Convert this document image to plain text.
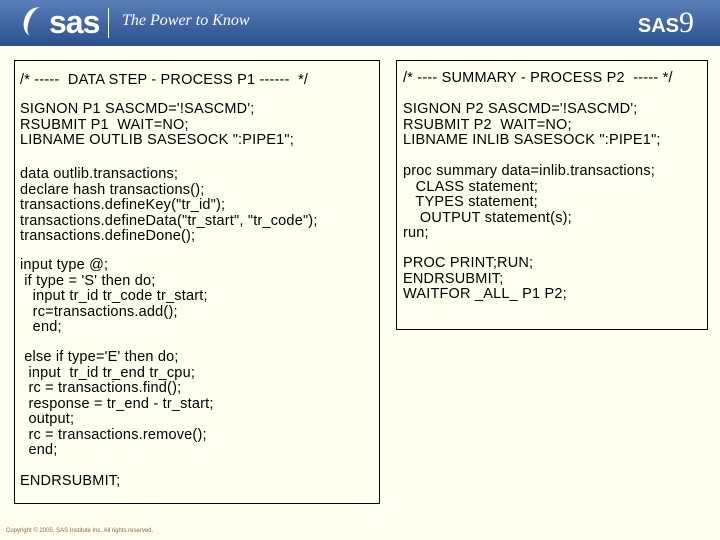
sas The Power to Know	SAS9
/* -----  DATA STEP - PROCESS P1 ------  */
SIGNON P1 SASCMD='!SASCMD';
RSUBMIT P1  WAIT=NO;
LIBNAME OUTLIB SASESOCK ":PIPE1";
data outlib.transactions;
declare hash transactions();
transactions.defineKey("tr_id");
transactions.defineData("tr_start", "tr_code");
transactions.defineDone();
input type @;
if type = 'S' then do;
input tr_id tr_code tr_start;
rc=transactions.add();
end;
else if type='E' then do;
input  tr_id tr_end tr_cpu;
rc = transactions.find();
response = tr_end - tr_start;
output;
rc = transactions.remove();
end;
ENDRSUBMIT;
/* ---- SUMMARY - PROCESS P2  ----- */
SIGNON P2 SASCMD='!SASCMD';
RSUBMIT P2  WAIT=NO;
LIBNAME INLIB SASESOCK ":PIPE1";
proc summary data=inlib.transactions;
CLASS statement;
TYPES statement;
OUTPUT statement(s);
run;
PROC PRINT;RUN;
ENDRSUBMIT;
WAITFOR _ALL_ P1 P2;
Copyright © 2005, SAS Institute Inc. All rights reserved.
